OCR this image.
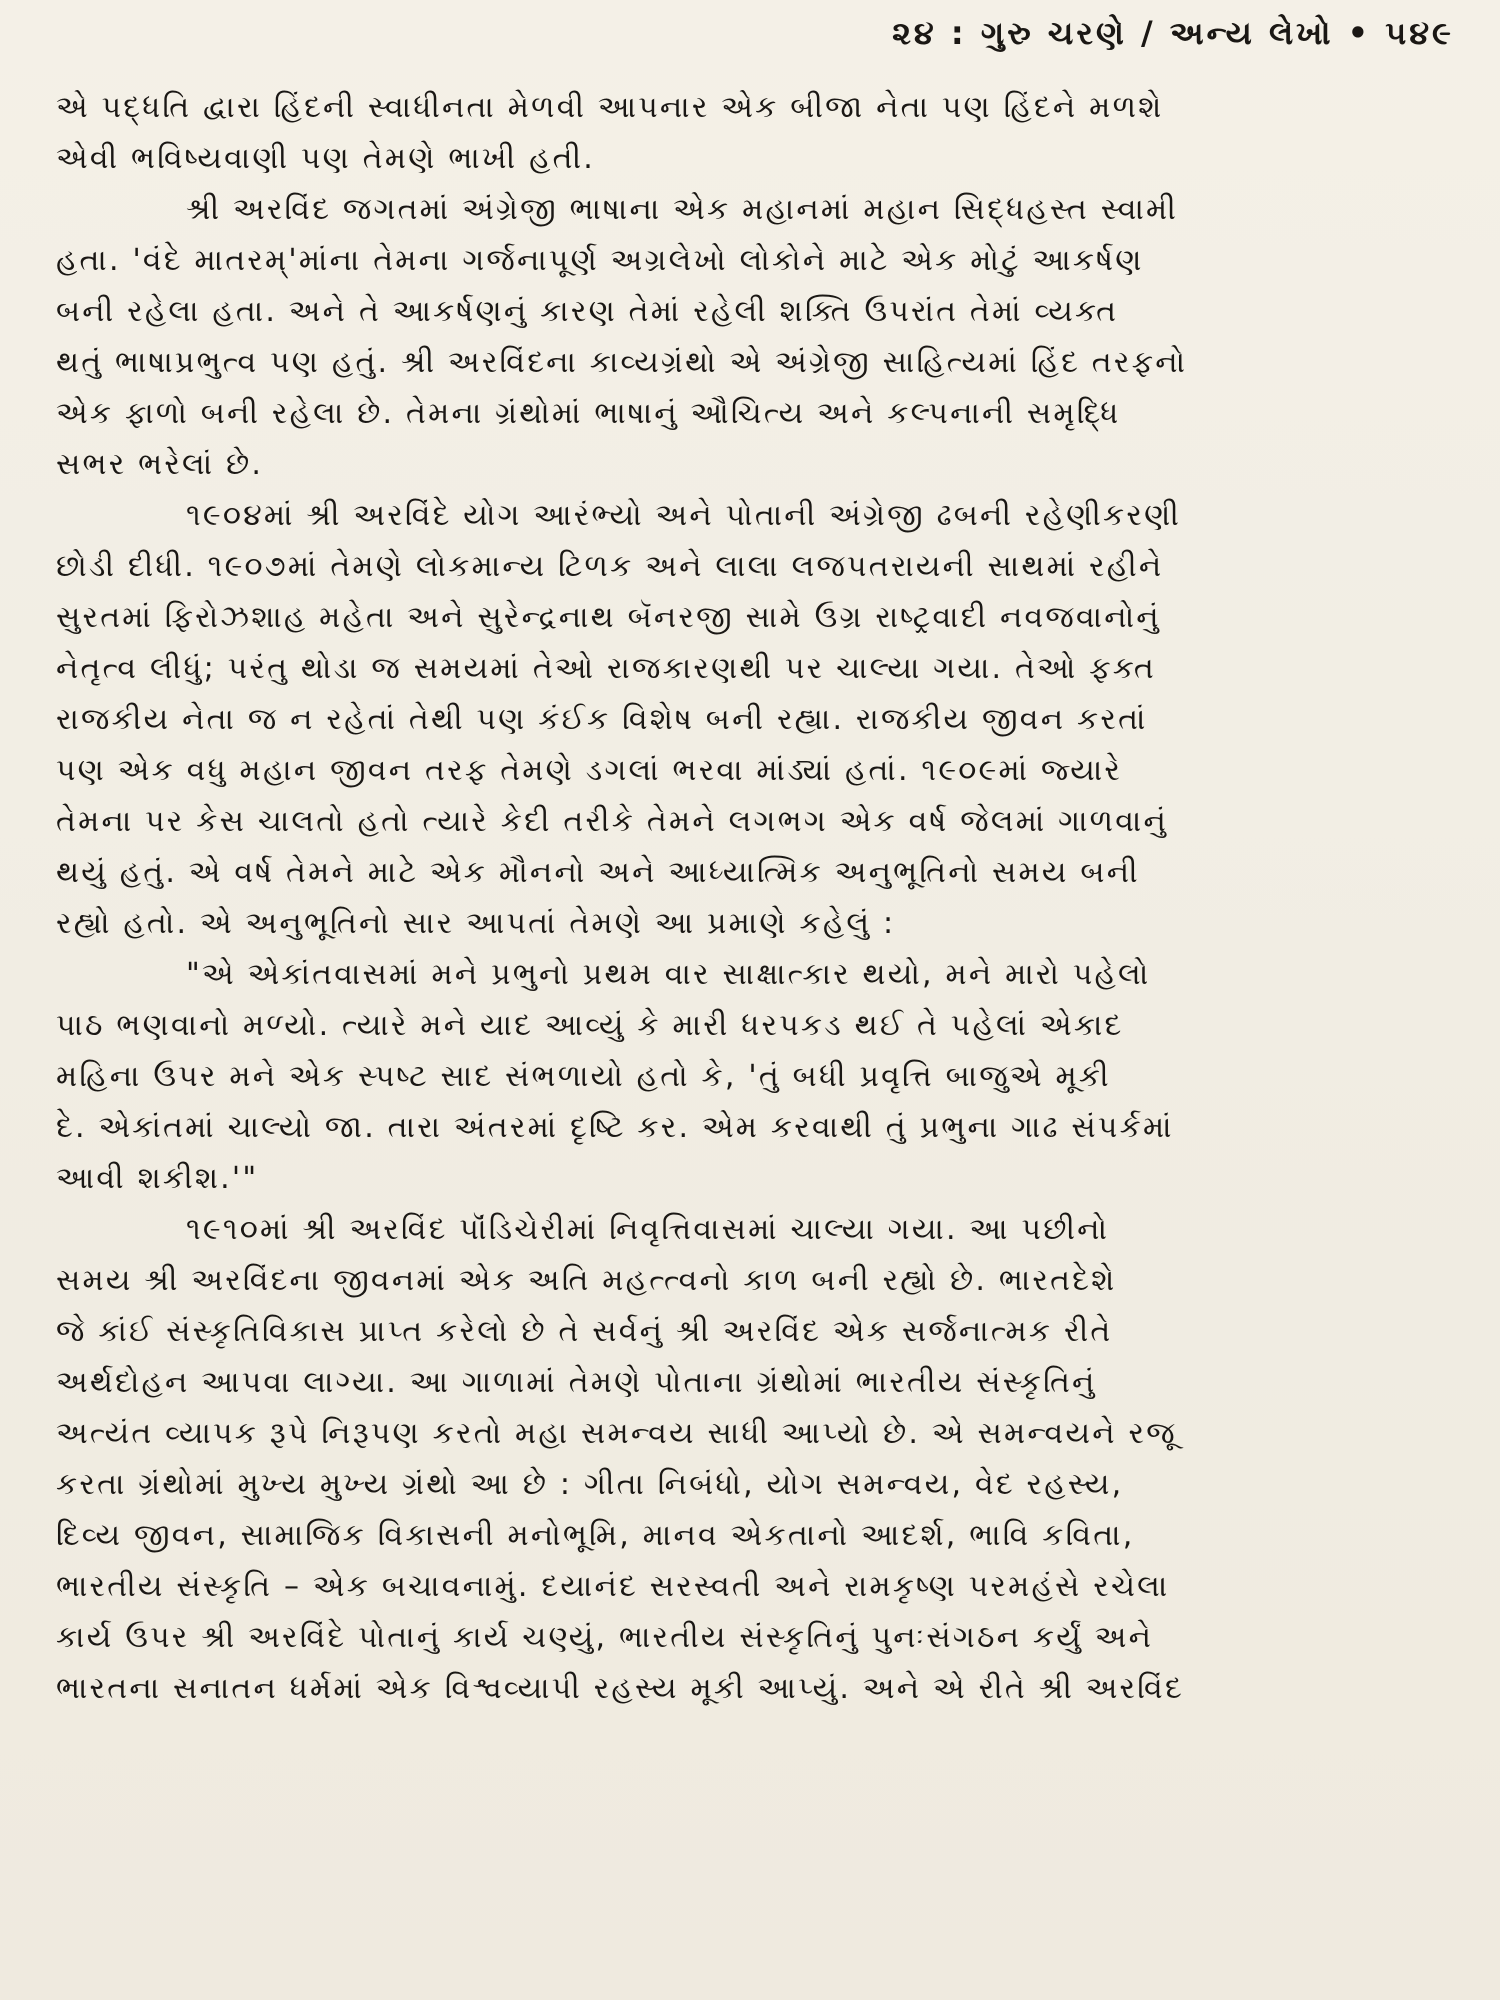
૨૪ : ગુરુ ચરણે / અન્ય લેખો • ૫૪૯
એ પદ્ધતિ દ્વારા હિંદની સ્વાધીનતા મેળવી આપનાર એક બીજા નેતા પણ હિંદને મળશે
એવી ભવિષ્યવાણી પણ તેમણે ભાખી હતી.
શ્રી અરવિંદ જગતમાં અંગ્રેજી ભાષાના એક મહાનમાં મહાન સિદ્ધહસ્ત સ્વામી
હતા. 'વંદે માતરમ્'માંના તેમના ગર્જનાપૂર્ણ અગ્રલેખો લોકોને માટે એક મોટું આકર્ષણ
બની રહેલા હતા. અને તે આકર્ષણનું કારણ તેમાં રહેલી શક્તિ ઉપરાંત તેમાં વ્યક્ત
થતું ભાષાપ્રભુત્વ પણ હતું. શ્રી અરવિંદના કાવ્યગ્રંથો એ અંગ્રેજી સાહિત્યમાં હિંદ તરફનો
એક ફાળો બની રહેલા છે. તેમના ગ્રંથોમાં ભાષાનું ઔચિત્ય અને કલ્પનાની સમૃદ્ધિ
સભર ભરેલાં છે.
૧૯૦૪માં શ્રી અરવિંદે યોગ આરંભ્યો અને પોતાની અંગ્રેજી ઢબની રહેણીકરણી
છોડી દીધી. ૧૯૦૭માં તેમણે લોકમાન્ય ટિળક અને લાલા લજપતરાયની સાથમાં રહીને
સુરતમાં ફિરોઝશાહ મહેતા અને સુરેન્દ્રનાથ બૅનરજી સામે ઉગ્ર રાષ્ટ્રવાદી નવજવાનોનું
નેતૃત્વ લીધું; પરંતુ થોડા જ સમયમાં તેઓ રાજકારણથી પર ચાલ્યા ગયા. તેઓ ફક્ત
રાજકીય નેતા જ ન રહેતાં તેથી પણ કંઈક વિશેષ બની રહ્યા. રાજકીય જીવન કરતાં
પણ એક વધુ મહાન જીવન તરફ તેમણે ડગલાં ભરવા માંડ્યાં હતાં. ૧૯૦૯માં જ્યારે
તેમના પર કેસ ચાલતો હતો ત્યારે કેદી તરીકે તેમને લગભગ એક વર્ષ જેલમાં ગાળવાનું
થયું હતું. એ વર્ષ તેમને માટે એક મૌનનો અને આધ્યાત્મિક અનુભૂતિનો સમય બની
રહ્યો હતો. એ અનુભૂતિનો સાર આપતાં તેમણે આ પ્રમાણે કહેલું :
"એ એકાંતવાસમાં મને પ્રભુનો પ્રથમ વાર સાક્ષાત્કાર થયો, મને મારો પહેલો
પાઠ ભણવાનો મળ્યો. ત્યારે મને યાદ આવ્યું કે મારી ધરપકડ થઈ તે પહેલાં એકાદ
મહિના ઉપર મને એક સ્પષ્ટ સાદ સંભળાયો હતો કે, 'તું બધી પ્રવૃત્તિ બાજુએ મૂકી
દે. એકાંતમાં ચાલ્યો જા. તારા અંતરમાં દૃષ્ટિ કર. એમ કરવાથી તું પ્રભુના ગાઢ સંપર્કમાં
આવી શકીશ.'"
૧૯૧૦માં શ્રી અરવિંદ પૉંડિચેરીમાં નિવૃત્તિવાસમાં ચાલ્યા ગયા. આ પછીનો
સમય શ્રી અરવિંદના જીવનમાં એક અતિ મહત્ત્વનો કાળ બની રહ્યો છે. ભારતદેશે
જે કાંઈ સંસ્કૃતિવિકાસ પ્રાપ્ત કરેલો છે તે સર્વનું શ્રી અરવિંદ એક સર્જનાત્મક રીતે
અર્થદોહન આપવા લાગ્યા. આ ગાળામાં તેમણે પોતાના ગ્રંથોમાં ભારતીય સંસ્કૃતિનું
અત્યંત વ્યાપક રૂપે નિરૂપણ કરતો મહા સમન્વય સાધી આપ્યો છે. એ સમન્વયને રજૂ
કરતા ગ્રંથોમાં મુખ્ય મુખ્ય ગ્રંથો આ છે : ગીતા નિબંધો, યોગ સમન્વય, વેદ રહસ્ય,
દિવ્ય જીવન, સામાજિક વિકાસની મનોભૂમિ, માનવ એકતાનો આદર્શ, ભાવિ કવિતા,
ભારતીય સંસ્કૃતિ – એક બચાવનામું. દયાનંદ સરસ્વતી અને રામકૃષ્ણ પરમહંસે રચેલા
કાર્ય ઉપર શ્રી અરવિંદે પોતાનું કાર્ય ચણ્યું, ભારતીય સંસ્કૃતિનું પુનઃસંગઠન કર્યું અને
ભારતના સનાતન ધર્મમાં એક વિશ્વવ્યાપી રહસ્ય મૂકી આપ્યું. અને એ રીતે શ્રી અરવિંદ
